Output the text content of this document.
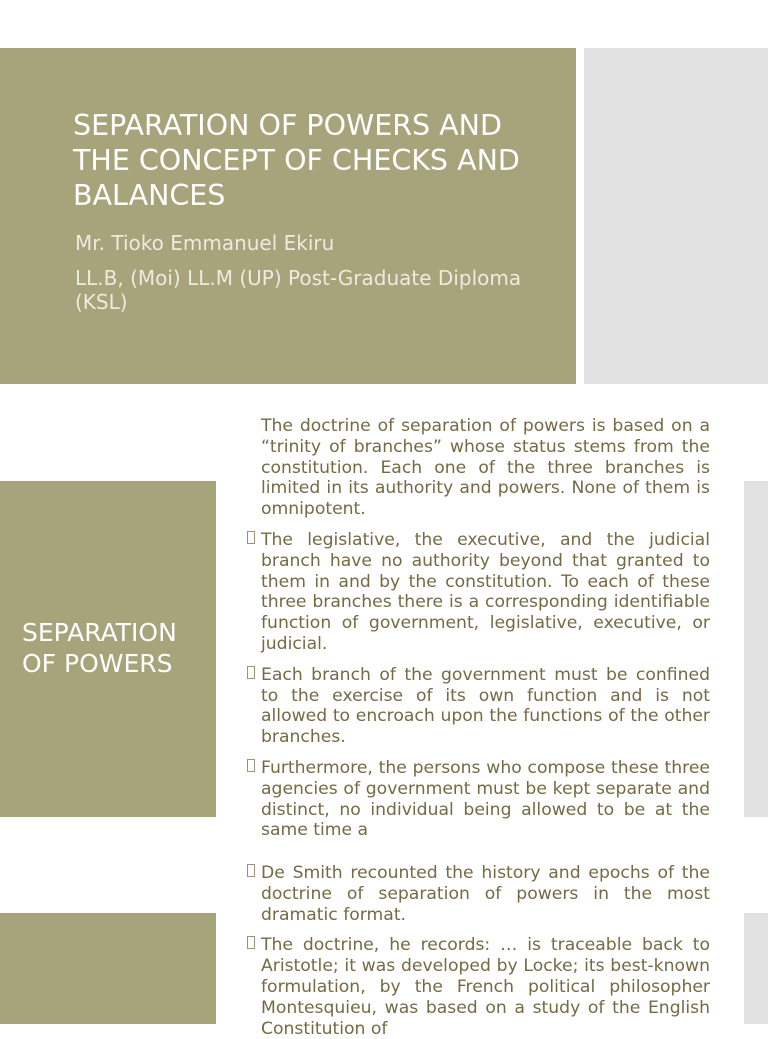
SEPARATION OF POWERS AND THE CONCEPT OF CHECKS AND BALANCES

Mr. Tioko Emmanuel Ekiru

LL.B, (Moi) LL.M (UP) Post-Graduate Diploma (KSL)

SEPARATION OF POWERS

The doctrine of separation of powers is based on a “trinity of branches” whose status stems from the constitution. Each one of the three branches is limited in its authority and powers. None of them is omnipotent.

The legislative, the executive, and the judicial branch have no authority beyond that granted to them in and by the constitution. To each of these three branches there is a corresponding identifiable function of government, legislative, executive, or judicial.
Each branch of the government must be confined to the exercise of its own function and is not allowed to encroach upon the functions of the other branches.
Furthermore, the persons who compose these three agencies of government must be kept separate and distinct, no individual being allowed to be at the same time a
De Smith recounted the history and epochs of the doctrine of separation of powers in the most dramatic format.
The doctrine, he records: … is traceable back to Aristotle; it was developed by Locke; its best-known formulation, by the French political philosopher Montesquieu, was based on a study of the English Constitution of
